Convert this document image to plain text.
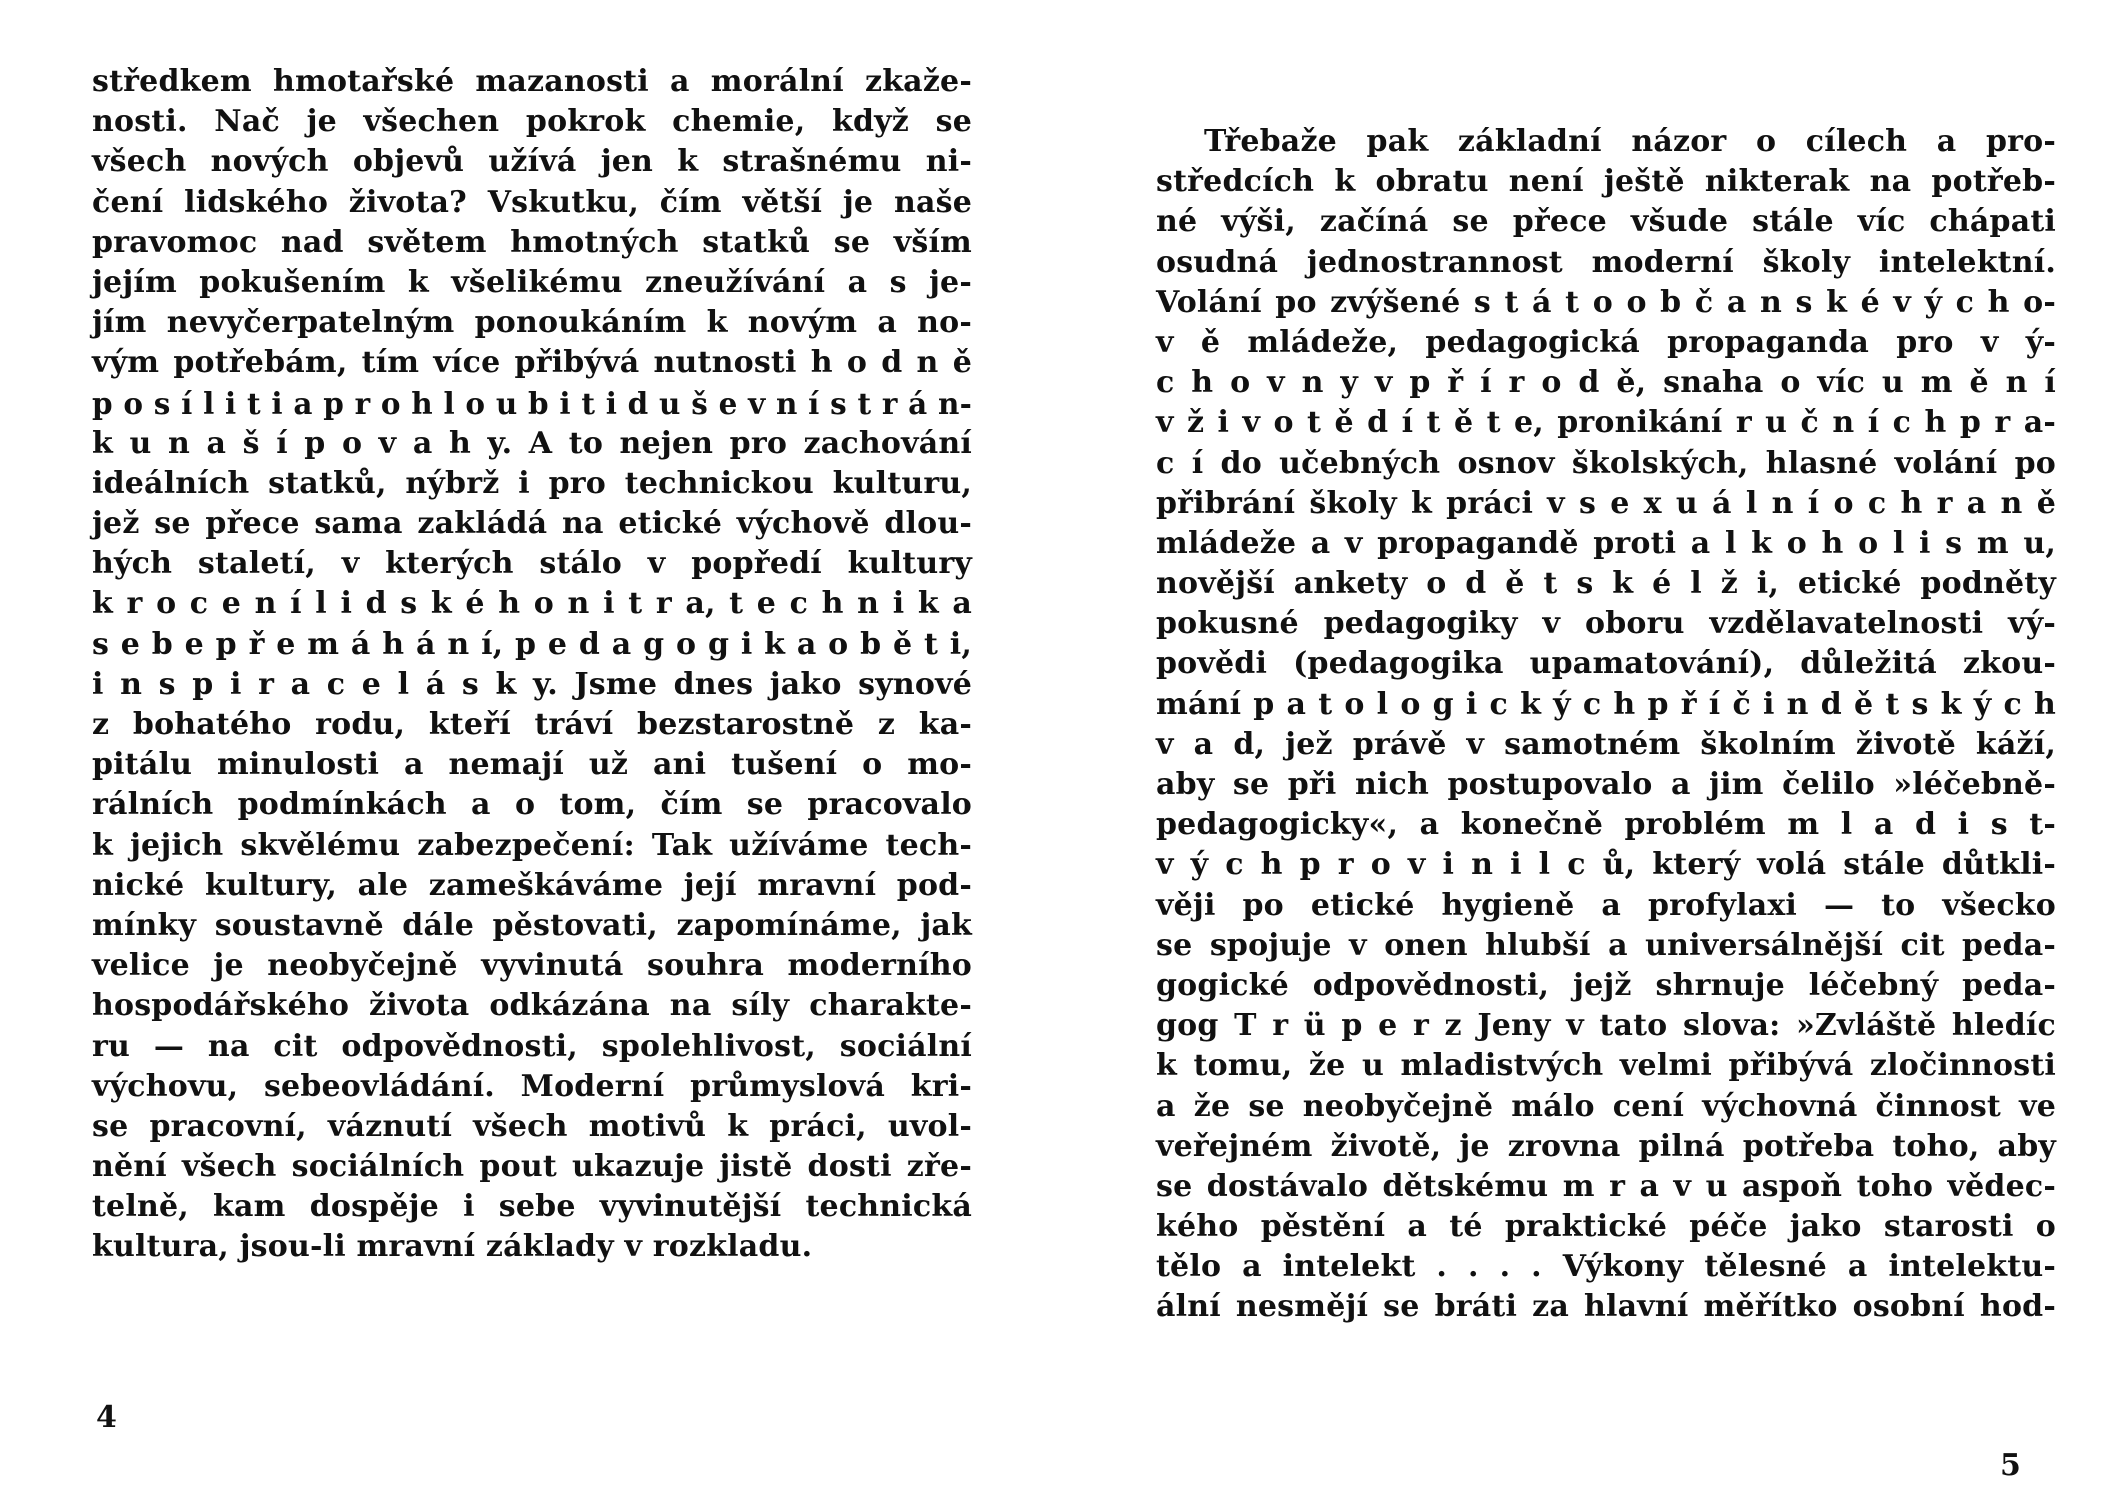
středkem hmotařské mazanosti a morální zkaže-
nosti. Nač je všechen pokrok chemie, když se
všech nových objevů užívá jen k strašnému ni-
čení lidského života? Vskutku, čím větší je naše
pravomoc nad světem hmotných statků se vším
jejím pokušením k všelikému zneužívání a s je-
jím nevyčerpatelným ponoukáním k novým a no-
vým potřebám, tím více přibývá nutnosti h o d n ě
p o s í l i t i a p r o h l o u b i t i d u š e v n í s t r á n-
k u n a š í p o v a h y. A to nejen pro zachování
ideálních statků, nýbrž i pro technickou kulturu,
jež se přece sama zakládá na etické výchově dlou-
hých staletí, v kterých stálo v popředí kultury
k r o c e n í l i d s k é h o n i t r a, t e c h n i k a
s e b e p ř e m á h á n í, p e d a g o g i k a o b ě t i,
i n s p i r a c e l á s k y. Jsme dnes jako synové
z bohatého rodu, kteří tráví bezstarostně z ka-
pitálu minulosti a nemají už ani tušení o mo-
rálních podmínkách a o tom, čím se pracovalo
k jejich skvělému zabezpečení: Tak užíváme tech-
nické kultury, ale zameškáváme její mravní pod-
mínky soustavně dále pěstovati, zapomínáme, jak
velice je neobyčejně vyvinutá souhra moderního
hospodářského života odkázána na síly charakte-
ru — na cit odpovědnosti, spolehlivost, sociální
výchovu, sebeovládání. Moderní průmyslová kri-
se pracovní, váznutí všech motivů k práci, uvol-
nění všech sociálních pout ukazuje jistě dosti zře-
telně, kam dospěje i sebe vyvinutější technická
kultura, jsou-li mravní základy v rozkladu.
4
Třebaže pak základní názor o cílech a pro-
středcích k obratu není ještě nikterak na potřeb-
né výši, začíná se přece všude stále víc chápati
osudná jednostrannost moderní školy intelektní.
Volání po zvýšené s t á t o o b č a n s k é v ý c h o-
v ě mládeže, pedagogická propaganda pro v ý-
c h o v n y v p ř í r o d ě, snaha o víc u m ě n í
v ž i v o t ě d í t ě t e, pronikání r u č n í c h p r a-
c í do učebných osnov školských, hlasné volání po
přibrání školy k práci v s e x u á l n í o c h r a n ě
mládeže a v propagandě proti a l k o h o l i s m u,
novější ankety o d ě t s k é l ž i, etické podněty
pokusné pedagogiky v oboru vzdělavatelnosti vý-
povědi (pedagogika upamatování), důležitá zkou-
mání p a t o l o g i c k ý c h p ř í č i n d ě t s k ý c h
v a d, jež právě v samotném školním životě káží,
aby se při nich postupovalo a jim čelilo »léčebně-
pedagogicky«, a konečně problém m l a d i s t-
v ý c h p r o v i n i l c ů, který volá stále důtkli-
věji po etické hygieně a profylaxi — to všecko
se spojuje v onen hlubší a universálnější cit peda-
gogické odpovědnosti, jejž shrnuje léčebný peda-
gog T r ü p e r z Jeny v tato slova: »Zvláště hledíc
k tomu, že u mladistvých velmi přibývá zločinnosti
a že se neobyčejně málo cení výchovná činnost ve
veřejném životě, je zrovna pilná potřeba toho, aby
se dostávalo dětskému m r a v u aspoň toho vědec-
kého pěstění a té praktické péče jako starosti o
tělo a intelekt . . . . Výkony tělesné a intelektu-
ální nesmějí se bráti za hlavní měřítko osobní hod-
5
